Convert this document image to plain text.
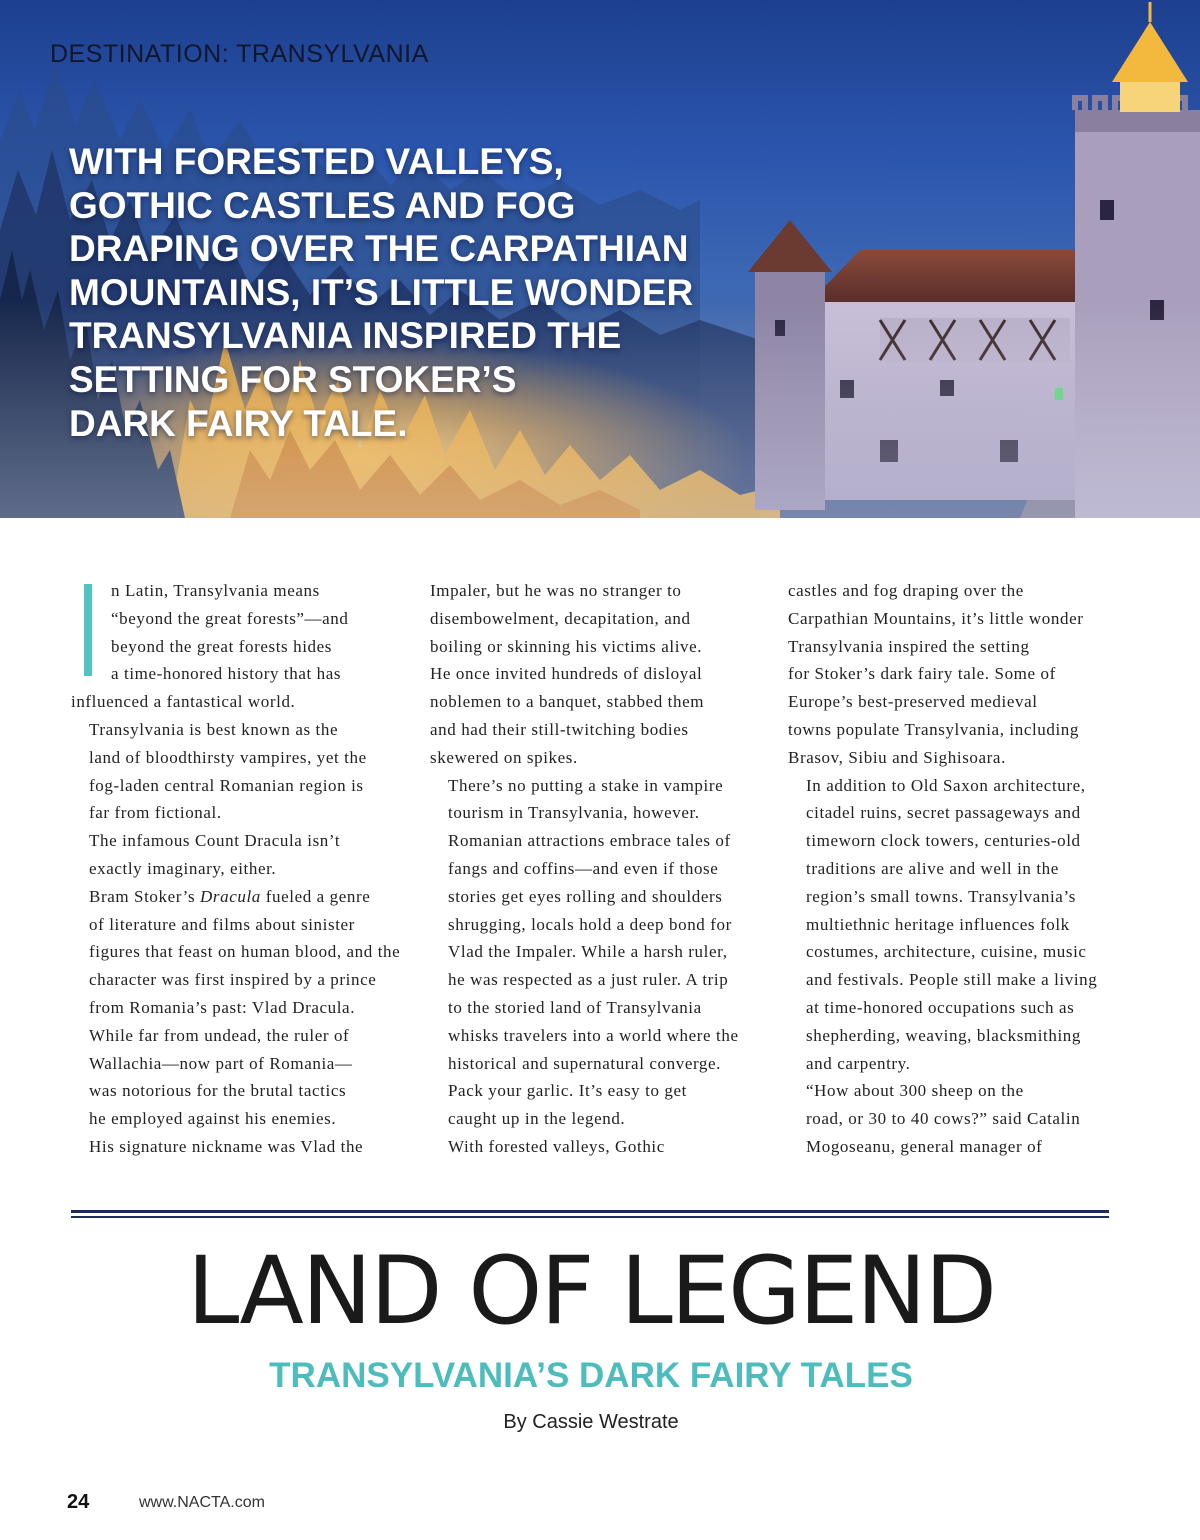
DESTINATION: TRANSYLVANIA
WITH FORESTED VALLEYS,
GOTHIC CASTLES AND FOG
DRAPING OVER THE CARPATHIAN
MOUNTAINS, IT’S LITTLE WONDER
TRANSYLVANIA INSPIRED THE
SETTING FOR STOKER’S
DARK FAIRY TALE.

n Latin, Transylvania means
“beyond the great forests”—and
beyond the great forests hides
a time-honored history that has
influenced a fantastical world.

Transylvania is best known as the
land of bloodthirsty vampires, yet the
fog-laden central Romanian region is
far from fictional.

The infamous Count Dracula isn’t
exactly imaginary, either.

Bram Stoker’s Dracula fueled a genre
of literature and films about sinister
figures that feast on human blood, and the
character was first inspired by a prince
from Romania’s past: Vlad Dracula.

While far from undead, the ruler of
Wallachia—now part of Romania—
was notorious for the brutal tactics
he employed against his enemies.
His signature nickname was Vlad the

Impaler, but he was no stranger to
disembowelment, decapitation, and
boiling or skinning his victims alive.
He once invited hundreds of disloyal
noblemen to a banquet, stabbed them
and had their still-twitching bodies
skewered on spikes.

There’s no putting a stake in vampire
tourism in Transylvania, however.
Romanian attractions embrace tales of
fangs and coffins—and even if those
stories get eyes rolling and shoulders
shrugging, locals hold a deep bond for
Vlad the Impaler. While a harsh ruler,
he was respected as a just ruler. A trip
to the storied land of Transylvania
whisks travelers into a world where the
historical and supernatural converge.

Pack your garlic. It’s easy to get
caught up in the legend.

With forested valleys, Gothic

castles and fog draping over the
Carpathian Mountains, it’s little wonder
Transylvania inspired the setting
for Stoker’s dark fairy tale. Some of
Europe’s best-preserved medieval
towns populate Transylvania, including
Brasov, Sibiu and Sighisoara.

In addition to Old Saxon architecture,
citadel ruins, secret passageways and
timeworn clock towers, centuries-old
traditions are alive and well in the
region’s small towns. Transylvania’s
multiethnic heritage influences folk
costumes, architecture, cuisine, music
and festivals. People still make a living
at time-honored occupations such as
shepherding, weaving, blacksmithing
and carpentry.

“How about 300 sheep on the
road, or 30 to 40 cows?” said Catalin
Mogoseanu, general manager of

LAND OF LEGEND
TRANSYLVANIA’S DARK FAIRY TALES
By Cassie Westrate
24	www.NACTA.com
